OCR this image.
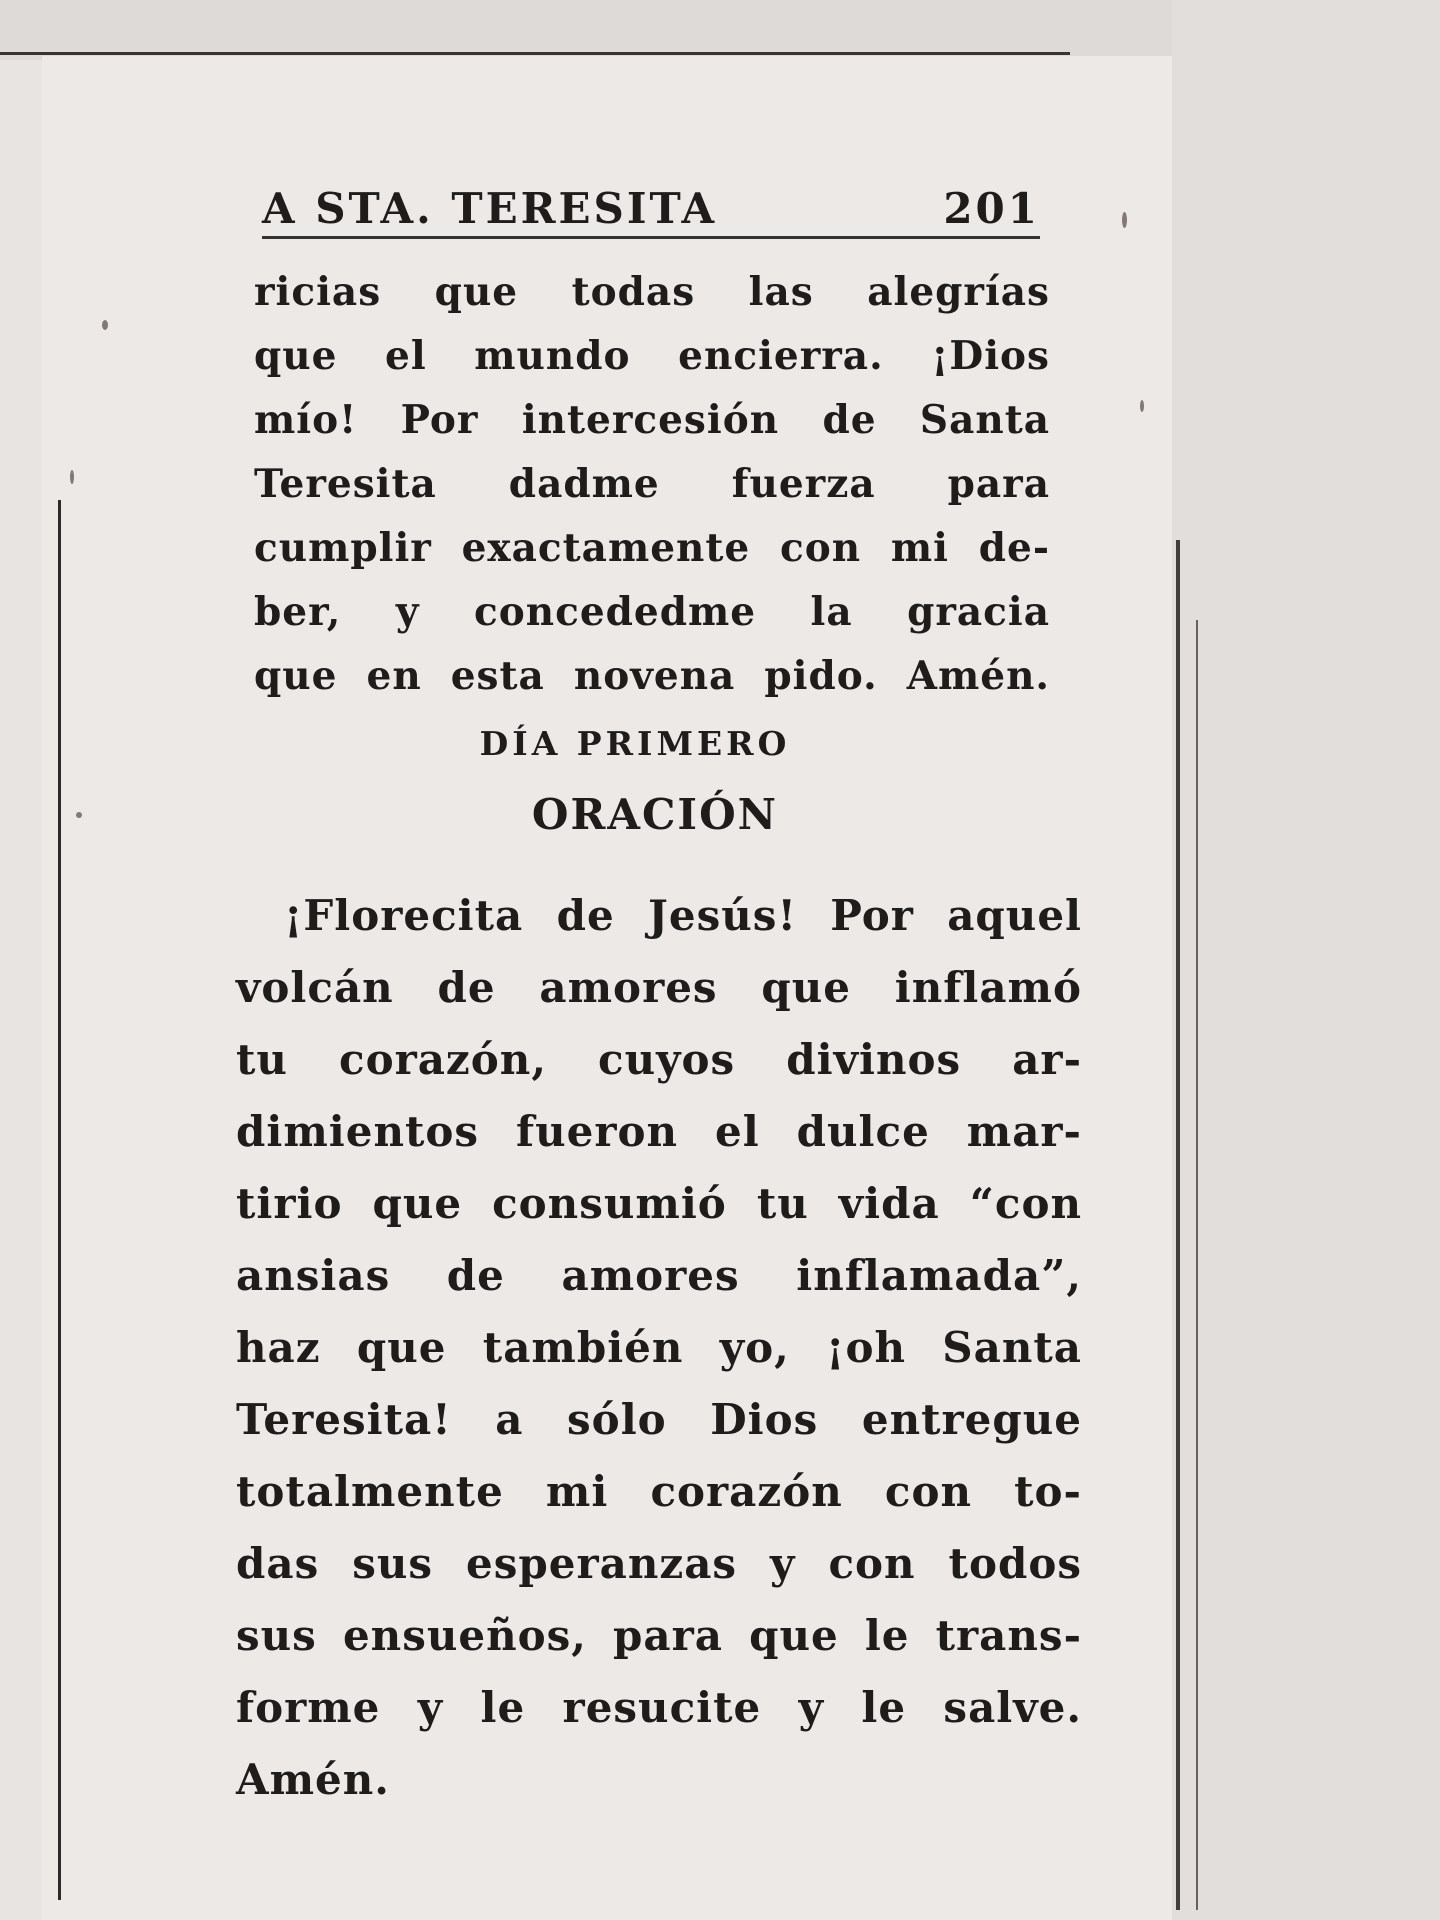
A STA. TERESITA	201
ricias que todas las alegrías
que el mundo encierra. ¡Dios
mío! Por intercesión de Santa
Teresita dadme fuerza para
cumplir exactamente con mi de-
ber, y concededme la gracia
que en esta novena pido. Amén.
DÍA PRIMERO
ORACIÓN
¡Florecita de Jesús! Por aquel
volcán de amores que inflamó
tu corazón, cuyos divinos ar-
dimientos fueron el dulce mar-
tirio que consumió tu vida “con
ansias de amores inflamada”,
haz que también yo, ¡oh Santa
Teresita! a sólo Dios entregue
totalmente mi corazón con to-
das sus esperanzas y con todos
sus ensueños, para que le trans-
forme y le resucite y le salve.
Amén.
